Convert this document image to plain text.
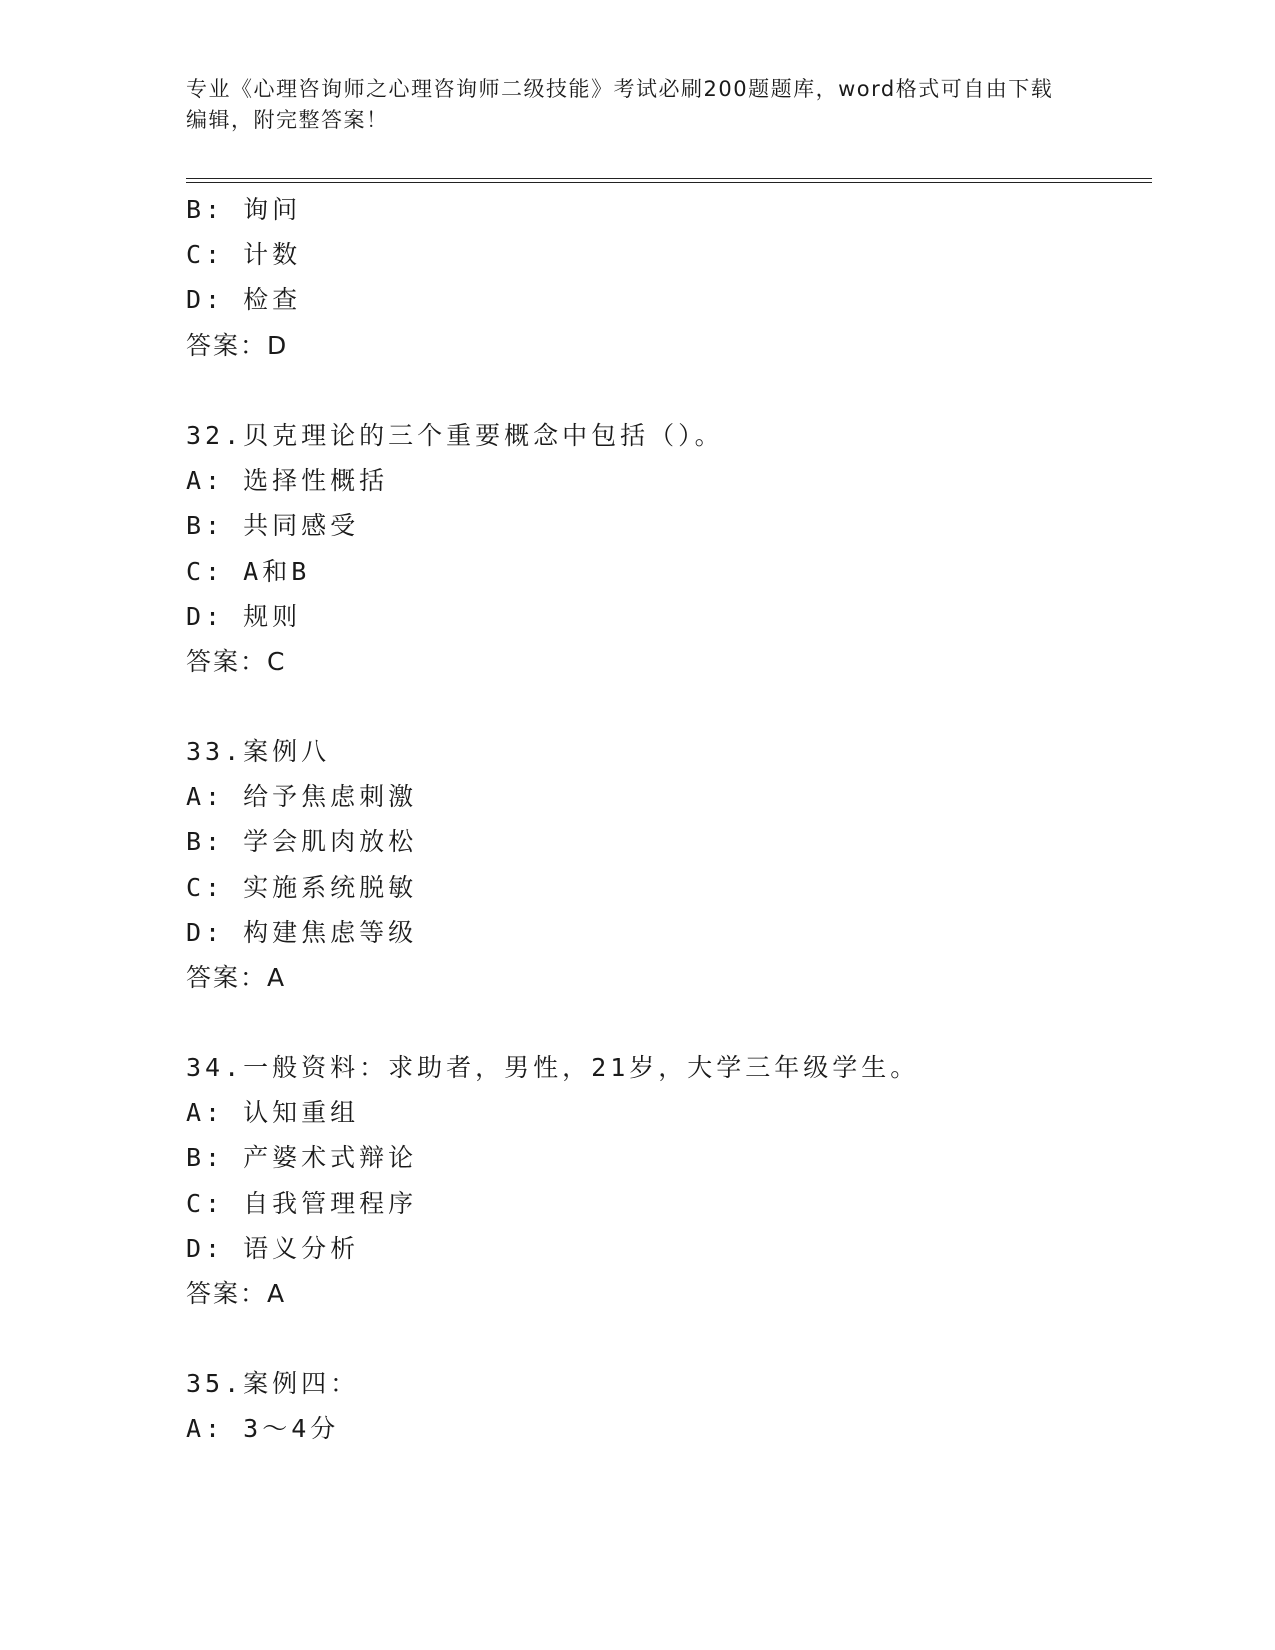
专业《心理咨询师之心理咨询师二级技能》考试必刷200题题库，word格式可自由下载编辑，附完整答案！
B: 询问
C: 计数
D: 检查
答案：D
32.贝克理论的三个重要概念中包括（）。
A: 选择性概括
B: 共同感受
C: A和B
D: 规则
答案：C
33.案例八
A: 给予焦虑刺激
B: 学会肌肉放松
C: 实施系统脱敏
D: 构建焦虑等级
答案：A
34.一般资料：求助者，男性，21岁，大学三年级学生。
A: 认知重组
B: 产婆术式辩论
C: 自我管理程序
D: 语义分析
答案：A
35.案例四：
A: 3～4分
